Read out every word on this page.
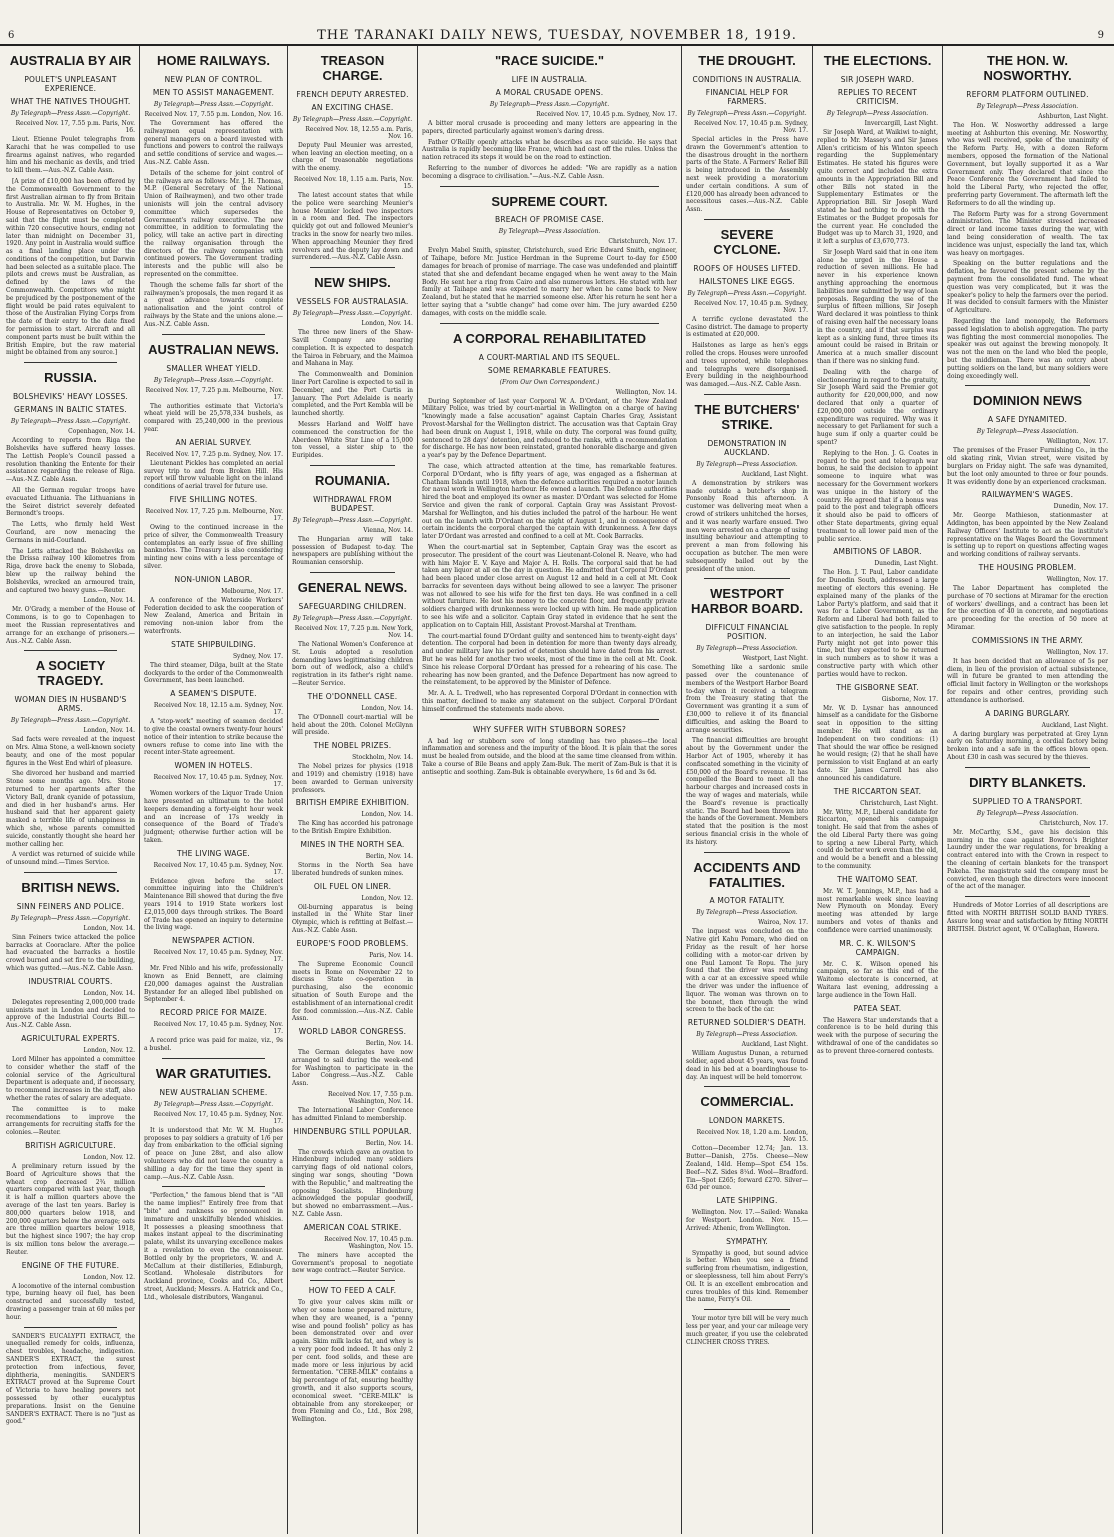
6	THE TARANAKI DAILY NEWS, TUESDAY, NOVEMBER 18, 1919.	9
AUSTRALIA BY AIR
POULET'S UNPLEASANT EXPERIENCE.
WHAT THE NATIVES THOUGHT.
By Telegraph—Press Assn.—Copyright.
Received Nov. 17, 7.55 p.m. Paris, Nov. 16.
Lieut. Etienne Poulet telegraphs from Karachi that he was compelled to use firearms against natives, who regarded him and his mechanic as devils, and tried to kill them.—Aus.-N.Z. Cable Assn.
[A prize of £10,000 has been offered by the Commonwealth Government to the first Australian airman to fly from Britain to Australia. Mr. W. M. Hughes, in the House of Representatives on October 9, said that the flight must be completed within 720 consecutive hours, ending not later than midnight on December 31, 1920. Any point in Australia would suffice as a final landing place under the conditions of the competition, but Darwin had been selected as a suitable place. The pilots and crews must be Australian, as defined by the laws of the Commonwealth. Competitors who might be prejudiced by the postponement of the flight would be paid rates equivalent to those of the Australian Flying Corps from the date of their entry to the date fixed for permission to start. Aircraft and all component parts must be built within the British Empire, but the raw material might be obtained from any source.]
RUSSIA.
BOLSHEVIKS' HEAVY LOSSES.
GERMANS IN BALTIC STATES.
By Telegraph—Press Assn.—Copyright.
Copenhagen, Nov. 14.
According to reports from Riga the Bolsheviks have suffered heavy losses. The Lettish People's Council passed a resolution thanking the Entente for their assistance regarding the release of Riga.—Aus.-N.Z. Cable Assn.
All the German regular troops have evacuated Lithuania. The Lithuanians in the Seiret district severely defeated Bermondt's troops.
The Letts, who firmly held West Courland, are now menacing the Germans in mid-Courland.
The Letts attacked the Bolsheviks on the Drissa railway 100 kilometres from Riga, drove back the enemy to Slobada, blew up the railway behind the Bolsheviks, wrecked an armoured train, and captured two heavy guns.—Reuter.
London, Nov. 14.
Mr. O'Grady, a member of the House of Commons, is to go to Copenhagen to meet the Russian representatives and arrange for an exchange of prisoners.—Aus.-N.Z. Cable Assn.
A SOCIETY TRAGEDY.
WOMAN DIES IN HUSBAND'S ARMS.
By Telegraph—Press Assn.—Copyright.
London, Nov. 14.
Sad facts were revealed at the inquest on Mrs. Alma Stone, a well-known society beauty, and one of the most popular figures in the West End whirl of pleasure.
She divorced her husband and married Stone some months ago. Mrs. Stone returned to her apartments after the Victory Ball, drank cyanide of potassium, and died in her husband's arms. Her husband said that her apparent gaiety masked a terrible life of unhappiness in which she, whose parents committed suicide, constantly thought she heard her mother calling her.
A verdict was returned of suicide while of unsound mind.—Times Service.
BRITISH NEWS.
SINN FEINERS AND POLICE.
By Telegraph—Press Assn.—Copyright.
London, Nov. 14.
Sinn Feiners twice attacked the police barracks at Cooraclare. After the police had evacuated the barracks a hostile crowd burned and set fire to the building, which was gutted.—Aus.-N.Z. Cable Assn.
INDUSTRIAL COURTS.
London, Nov. 14.
Delegates representing 2,000,000 trade unionists met in London and decided to approve of the Industrial Courts Bill.—Aus.-N.Z. Cable Assn.
AGRICULTURAL EXPERTS.
London, Nov. 12.
Lord Milner has appointed a committee to consider whether the staff of the colonial service of the Agricultural Department is adequate and, if necessary, to recommend increases in the staff, also whether the rates of salary are adequate.
The committee is to make recommendations to improve the arrangements for recruiting staffs for the colonies.—Reuter.
BRITISH AGRICULTURE.
London, Nov. 12.
A preliminary return issued by the Board of Agriculture shows that the wheat crop decreased 2¾ million quarters compared with last year, though it is half a million quarters above the average of the last ten years. Barley is 800,000 quarters below 1918, and 200,000 quarters below the average; oats are three million quarters below 1918, but the highest since 1907; the hay crop is six million tons below the average.—Reuter.
ENGINE OF THE FUTURE.
London, Nov. 12.
A locomotive of the internal combustion type, burning heavy oil fuel, has been constructed and successfully tested, drawing a passenger train at 60 miles per hour.
SANDER'S EUCALYPTI EXTRACT, the unequalled remedy for colds, influenza, chest troubles, headache, indigestion. SANDER'S EXTRACT, the surest protection from infectious, fever, diphtheria, meningitis. SANDER'S EXTRACT proved at the Supreme Court of Victoria to have healing powers not possessed by other eucalyptus preparations. Insist on the Genuine SANDER'S EXTRACT. There is no "just as good."
HOME RAILWAYS.
NEW PLAN OF CONTROL.
MEN TO ASSIST MANAGEMENT.
By Telegraph—Press Assn.—Copyright.
Received Nov. 17, 7.55 p.m. London, Nov. 16.
The Government has offered the railwaymen equal representation with general managers on a board invested with functions and powers to control the railways and settle conditions of service and wages.—Aus.-N.Z. Cable Assn.
Details of the scheme for joint control of the railways are as follows: Mr. J. H. Thomas, M.P. (General Secretary of the National Union of Railwaymen), and two other trade unionists will join the central advisory committee which supersedes the Government's railway executive. The new committee, in addition to formulating the policy, will take an active part in directing the railway organisation through the directors of the railway companies with continued powers. The Government trading interests and the public will also be represented on the committee.
Though the scheme falls far short of the railwaymen's proposals, the men regard it as a great advance towards complete nationalisation and the joint control of railways by the State and the unions alone.—Aus.-N.Z. Cable Assn.
AUSTRALIAN NEWS.
SMALLER WHEAT YIELD.
By Telegraph—Press Assn.—Copyright.
Received Nov. 17, 7.25 p.m. Melbourne, Nov. 17.
The authorities estimate that Victoria's wheat yield will be 25,578,334 bushels, as compared with 25,240,000 in the previous year.
AN AERIAL SURVEY.
Received Nov. 17, 7.25 p.m. Sydney, Nov. 17.
Lieutenant Pickles has completed an aerial survey trip to and from Broken Hill. His report will throw valuable light on the inland conditions of aerial travel for future use.
FIVE SHILLING NOTES.
Received Nov. 17, 7.25 p.m. Melbourne, Nov. 17.
Owing to the continued increase in the price of silver, the Commonwealth Treasury contemplates an early issue of five shilling banknotes. The Treasury is also considering minting new coins with a less percentage of silver.
NON-UNION LABOR.
Melbourne, Nov. 17.
A conference of the Waterside Workers' Federation decided to ask the cooperation of New Zealand, America and Britain in removing non-union labor from the waterfronts.
STATE SHIPBUILDING.
Sydney, Nov. 17.
The third steamer, Dilga, built at the State dockyards to the order of the Commonwealth Government, has been launched.
A SEAMEN'S DISPUTE.
Received Nov. 18, 12.15 a.m. Sydney, Nov. 17.
A "stop-work" meeting of seamen decided to give the coastal owners twenty-four hours' notice of their intention to strike because the owners refuse to come into line with the recent inter-State agreement.
WOMEN IN HOTELS.
Received Nov. 17, 10.45 p.m. Sydney, Nov. 17.
Women workers of the Liquor Trade Union have presented an ultimatum to the hotel keepers demanding a forty-eight hour week and an increase of 17s weekly in consequence of the Board of Trade's judgment; otherwise further action will be taken.
THE LIVING WAGE.
Received Nov. 17, 10.45 p.m. Sydney, Nov. 17.
Evidence given before the select committee inquiring into the Children's Maintenance Bill showed that during the five years 1914 to 1919 State workers lost £2,015,000 days through strikes. The Board of Trade has opened an inquiry to determine the living wage.
NEWSPAPER ACTION.
Received Nov. 17, 10.45 p.m. Sydney, Nov. 17.
Mr. Fred Niblo and his wife, professionally known as Enid Bennett, are claiming £20,000 damages against the Australian Bystander for an alleged libel published on September 4.
RECORD PRICE FOR MAIZE.
Received Nov. 17, 10.45 p.m. Sydney, Nov. 17.
A record price was paid for maize, viz., 9s a bushel.
WAR GRATUITIES.
NEW AUSTRALIAN SCHEME.
By Telegraph—Press Assn.—Copyright.
Received Nov. 17, 10.45 p.m. Sydney, Nov. 17.
It is understood that Mr. W. M. Hughes proposes to pay soldiers a gratuity of 1/6 per day from embarkation to the official signing of peace on June 28st, and also allow volunteers who did not leave the country a shilling a day for the time they spent in camp.—Aus.-N.Z. Cable Assn.
"Perfection," the famous blend that is "All the name implies!" Entirely free from that "bite" and rankness so pronounced in immature and unskilfully blended whiskies. It possesses a pleasing smoothness that makes instant appeal to the discriminating palate, whilst its unvarying excellence makes it a revelation to even the connoisseur. Bottled only by the proprietors, W. and A. McCallum at their distilleries, Edinburgh, Scotland. Wholesale distributors for Auckland province, Cooks and Co., Albert street, Auckland; Messrs. A. Hatrick and Co., Ltd., wholesale distributors, Wanganui.
TREASON CHARGE.
FRENCH DEPUTY ARRESTED.
AN EXCITING CHASE.
By Telegraph—Press Assn.—Copyright.
Received Nov. 18, 12.55 a.m. Paris, Nov. 16.
Deputy Paul Meunier was arrested, when leaving an election meeting, on a charge of treasonable negotiations with the enemy.
Received Nov. 18, 1.15 a.m. Paris, Nov. 15.
The latest account states that while the police were searching Meunier's house Meunier locked two inspectors in a room and fled. The inspectors quickly got out and followed Meunier's tracks in the snow for nearly two miles. When approaching Meunier they fired revolvers and the deputy lay down and surrendered.—Aus.-N.Z. Cable Assn.
NEW SHIPS.
VESSELS FOR AUSTRALASIA.
By Telegraph—Press Assn.—Copyright.
London, Nov. 14.
The three new liners of the Shaw-Savill Company are nearing completion. It is expected to despatch the Tairoa in February, and the Maimoa and Mahana in May.
The Commonwealth and Dominion liner Port Caroline is expected to sail in December, and the Port Curtis in January. The Port Adelaide is nearly completed, and the Port Kembla will be launched shortly.
Messrs Harland and Wolff have commenced the construction for the Aberdeen White Star Line of a 15,000 ton vessel, a sister ship to the Euripides.
ROUMANIA.
WITHDRAWAL FROM BUDAPEST.
By Telegraph—Press Assn.—Copyright.
Vienna, Nov. 14.
The Hungarian army will take possession of Budapest to-day. The newspapers are publishing without the Roumanian censorship.
GENERAL NEWS.
SAFEGUARDING CHILDREN.
By Telegraph—Press Assn.—Copyright.
Received Nov. 17, 7.25 p.m. New York, Nov. 14.
The National Women's Conference at St. Louis adopted a resolution demanding laws legitimatising children born out of wedlock, also a child's registration in its father's right name.—Reuter Service.
THE O'DONNELL CASE.
London, Nov. 14.
The O'Donnell court-martial will be held about the 20th. Colonel McGlynn will preside.
THE NOBEL PRIZES.
Stockholm, Nov. 14.
The Nobel prizes for physics (1918 and 1919) and chemistry (1918) have been awarded to German university professors.
BRITISH EMPIRE EXHIBITION.
London, Nov. 14.
The King has accorded his patronage to the British Empire Exhibition.
MINES IN THE NORTH SEA.
Berlin, Nov. 14.
Storms in the North Sea have liberated hundreds of sunken mines.
OIL FUEL ON LINER.
London, Nov. 12.
Oil-burning apparatus is being installed in the White Star liner Olympic, which is refitting at Belfast.—Aus.-N.Z. Cable Assn.
EUROPE'S FOOD PROBLEMS.
Paris, Nov. 14.
The Supreme Economic Council meets in Rome on November 22 to discuss State co-operation in purchasing, also the economic situation of South Europe and the establishment of an international credit for food commission.—Aus.-N.Z. Cable Assn.
WORLD LABOR CONGRESS.
Berlin, Nov. 14.
The German delegates have now arranged to sail during the week-end for Washington to participate in the Labor Congress.—Aus.-N.Z. Cable Assn.
Received Nov. 17, 7.55 p.m. Washington, Nov. 14.
The International Labor Conference has admitted Finland to membership.
HINDENBURG STILL POPULAR.
Berlin, Nov. 14.
The crowds which gave an ovation to Hindenburg included many soldiers carrying flags of old national colors, singing war songs, shouting "Down with the Republic," and maltreating the opposing Socialists. Hindenburg acknowledged the popular goodwill, but showed no embarrassment.—Aus.-N.Z. Cable Assn.
AMERICAN COAL STRIKE.
Received Nov. 17, 10.45 p.m. Washington, Nov. 15.
The miners have accepted the Government's proposal to negotiate new wage contract.—Reuter Service.
HOW TO FEED A CALF.
To give your calves skim milk or whey or some home prepared mixture, when they are weaned, is a "penny wise and pound foolish" policy as has been demonstrated over and over again. Skim milk lacks fat, and whey is a very poor food indeed. It has only 2 per cent. food solids, and these are made more or less injurious by acid fermentation. "CERE-MILK" contains a big percentage of fat, ensuring healthy growth, and it also supports scours, economical sweet. "CERE-MILK" is obtainable from any storekeeper, or from Fleming and Co., Ltd., Box 298, Wellington.
"RACE SUICIDE."
LIFE IN AUSTRALIA.
A MORAL CRUSADE OPENS.
By Telegraph—Press Assn.—Copyright.
Received Nov. 17, 10.45 p.m. Sydney, Nov. 17.
A bitter moral crusade is proceeding and many letters are appearing in the papers, directed particularly against women's daring dress.
Father O'Reilly openly attacks what he describes as race suicide. He says that Australia is rapidly becoming like France, which had cast off the rules. Unless the nation retraced its steps it would be on the road to extinction.
Referring to the number of divorces he added: "We are rapidly as a nation becoming a disgrace to civilisation."—Aus.-N.Z. Cable Assn.
SUPREME COURT.
BREACH OF PROMISE CASE.
By Telegraph—Press Association.
Christchurch, Nov. 17.
Evelyn Mabel Smith, spinster, Christchurch, sued Eric Edward Smith, engineer, of Taihape, before Mr. Justice Herdman in the Supreme Court to-day for £500 damages for breach of promise of marriage. The case was undefended and plaintiff stated that she and defendant became engaged when he went away to the Main Body. He sent her a ring from Cairo and also numerous letters. He stated with her family at Taihape and was expected to marry her when he came back to New Zealand, but he stated that he married someone else. After his return he sent her a letter saying that a "subtle change" had come over him. The jury awarded £250 damages, with costs on the middle scale.
A CORPORAL REHABILITATED
A COURT-MARTIAL AND ITS SEQUEL.
SOME REMARKABLE FEATURES.
(From Our Own Correspondent.)
Wellington, Nov. 14.
During September of last year Corporal W. A. D'Ordant, of the New Zealand Military Police, was tried by court-martial in Wellington on a charge of having "knowingly made a false accusation" against Captain Charles Gray, Assistant Provost-Marshal for the Wellington district. The accusation was that Captain Gray had been drunk on August 1, 1918, while on duty. The corporal was found guilty, sentenced to 28 days' detention, and reduced to the ranks, with a recommendation for discharge. He has now been reinstated, granted honorable discharge and given a year's pay by the Defence Department.
The case, which attracted attention at the time, has remarkable features. Corporal D'Ordant, who is fifty years of age, was engaged as a fisherman at Chatham Islands until 1918, when the defence authorities required a motor launch for naval work in Wellington harbour. He owned a launch. The Defence authorities hired the boat and employed its owner as master. D'Ordant was selected for Home Service and given the rank of corporal. Captain Gray was Assistant Provost-Marshal for Wellington, and his duties included the patrol of the harbour. He went out on the launch with D'Ordant on the night of August 1, and in consequence of certain incidents the corporal charged the captain with drunkenness. A few days later D'Ordant was arrested and confined to a cell at Mt. Cook Barracks.
When the court-martial sat in September, Captain Gray was the escort as prosecutor. The president of the court was Lieutenant-Colonel R. Neave, who had with him Major E. V. Kaye and Major A. H. Rolls. The corporal said that he had taken any liquor at all on the day in question. He admitted that Corporal D'Ordant had been placed under close arrest on August 12 and held in a cell at Mt. Cook barracks for seventeen days without being allowed to see a lawyer. The prisoner was not allowed to see his wife for the first ten days. He was confined in a cell without furniture. He lost his money to the concrete floor, and frequently private soldiers charged with drunkenness were locked up with him. He made application to see his wife and a solicitor. Captain Gray stated in evidence that he sent the application on to Captain Hill, Assistant Provost-Marshal at Trentham.
The court-martial found D'Ordant guilty and sentenced him to twenty-eight days' detention. The corporal had been in detention for more than twenty days already, and under military law his period of detention should have dated from his arrest. But he was held for another two weeks, most of the time in the cell at Mt. Cook. Since his release Corporal D'Ordant has pressed for a rehearing of his case. The rehearing has now been granted, and the Defence Department has now agreed to the reinstatement, to be approved by the Minister of Defence.
Mr. A. A. L. Tredwell, who has represented Corporal D'Ordant in connection with this matter, declined to make any statement on the subject. Corporal D'Ordant himself confirmed the statements made above.
WHY SUFFER WITH STUBBORN SORES?
A bad leg or stubborn sore of long standing has two phases—the local inflammation and soreness and the impurity of the blood. It is plain that the sores must be healed from outside, and the blood at the same time cleansed from within. Take a course of Bile Beans and apply Zam-Buk. The merit of Zam-Buk is that it is antiseptic and soothing. Zam-Buk is obtainable everywhere, 1s 6d and 3s 6d.
THE DROUGHT.
CONDITIONS IN AUSTRALIA.
FINANCIAL HELP FOR FARMERS.
By Telegraph—Press Assn.—Copyright.
Received Nov. 17, 10.45 p.m. Sydney, Nov. 17.
Special articles in the Press have drawn the Government's attention to the disastrous drought in the northern parts of the State. A Farmers' Relief Bill is being introduced in the Assembly next week providing a moratorium under certain conditions. A sum of £120,000 has already been advanced to necessitous cases.—Aus.-N.Z. Cable Assn.
SEVERE CYCLONE.
ROOFS OF HOUSES LIFTED.
HAILSTONES LIKE EGGS.
By Telegraph—Press Assn.—Copyright.
Received Nov. 17, 10.45 p.m. Sydney, Nov. 17.
A terrific cyclone devastated the Casino district. The damage to property is estimated at £20,000.
Hailstones as large as hen's eggs rolled the crops. Houses were unroofed and trees uprooted, while telephones and telegraphs were disorganised. Every building in the neighbourhood was damaged.—Aus.-N.Z. Cable Assn.
THE BUTCHERS' STRIKE.
DEMONSTRATION IN AUCKLAND.
By Telegraph—Press Association.
Auckland, Last Night.
A demonstration by strikers was made outside a butcher's shop in Ponsonby Road this afternoon. A customer was delivering meat when a crowd of strikers unhitched the horses, and it was nearly warfare ensued. Two men were arrested on a charge of using insulting behaviour and attempting to prevent a man from following his occupation as butcher. The men were subsequently bailed out by the president of the union.
WESTPORT HARBOR BOARD.
DIFFICULT FINANCIAL POSITION.
By Telegraph—Press Association.
Westport, Last Night.
Something like a sardonic smile passed over the countenance of members of the Westport Harbor Board to-day when it received a telegram from the Treasury stating that the Government was granting it a sum of £30,000 to relieve it of its financial difficulties, and asking the Board to arrange securities.
The financial difficulties are brought about by the Government under the Harbor Act of 1905, whereby it has confiscated something in the vicinity of £50,000 of the Board's revenue. It has compelled the Board to meet all the harbour charges and increased costs in the way of wages and materials, while the Board's revenue is practically static. The Board had been thrown into the hands of the Government. Members stated that the position is the most serious financial crisis in the whole of its history.
ACCIDENTS AND FATALITIES.
A MOTOR FATALITY.
By Telegraph—Press Association.
Wairoa, Nov. 17.
The inquest was concluded on the Native girl Kahu Pomare, who died on Friday as the result of her horse colliding with a motor-car driven by one Paul Lamont Te Ropu. The jury found that the driver was returning with a car at an excessive speed while the driver was under the influence of liquor. The woman was thrown on to the bonnet, then through the wind screen to the back of the car.
RETURNED SOLDIER'S DEATH.
By Telegraph—Press Association.
Auckland, Last Night.
William Augustus Dunan, a returned soldier, aged about 45 years, was found dead in his bed at a boardinghouse to-day. An inquest will be held tomorrow.
COMMERCIAL.
LONDON MARKETS.
Received Nov. 18, 1.20 a.m. London, Nov. 15.
Cotton—December 12.74; Jan. 13. Butter—Danish, 275s. Cheese—New Zealand, 14ld. Hemp—Spot £54 15s. Beef—N.Z. Sides 8¼d. Wool—Bradford. Tin—Spot £265; forward £270. Silver—63d per ounce.
LATE SHIPPING.
Wellington. Nov. 17.—Sailed: Wanaka for Westport. London. Nov. 15.—Arrived: Athenic, from Wellington.
SYMPATHY.
Sympathy is good, but sound advice is better. When you see a friend suffering from rheumatism, indigestion, or sleeplessness, tell him about Ferry's Oil. It is an excellent embrocation and cures troubles of this kind. Remember the name, Ferry's Oil.
Your motor tyre bill will be very much less per year, and your car mileage very much greater, if you use the celebrated CLINCHER CROSS TYRES.
THE ELECTIONS.
SIR JOSEPH WARD.
REPLIES TO RECENT CRITICISM.
By Telegraph—Press Association.
Invercargill, Last Night.
Sir Joseph Ward, at Waikiwi to-night, replied to Mr. Massey's and Sir James Allen's criticism of his Winton speech regarding the Supplementary Estimates. He stated his figures were quite correct and included the extra amounts in the Appropriation Bill and other Bills not stated in the Supplementary Estimates or the Appropriation Bill. Sir Joseph Ward stated he had nothing to do with the Estimates or the Budget proposals for the current year. He concluded the Budget was up to March 31, 1920, and it left a surplus of £3,670,773.
Sir Joseph Ward said that in one item alone he urged in the House a reduction of seven millions. He had never in his experience known anything approaching the enormous liabilities now submitted by way of loan proposals. Regarding the use of the surplus of fifteen millions, Sir Joseph Ward declared it was pointless to think of raising even half the necessary loans in the country, and if that surplus was kept as a sinking fund, three times its amount could be raised in Britain or America at a much smaller discount than if there was no sinking fund.
Dealing with the charge of electioneering in regard to the gratuity, Sir Joseph Ward said the Premier got authority for £20,000,000, and now declared that only a quarter of £20,000,000 outside the ordinary expenditure was required. Why was it necessary to get Parliament for such a huge sum if only a quarter could be spent?
Replying to the Hon. J. G. Coates in regard to the post and telegraph war bonus, he said the decision to appoint someone to inquire what was necessary for the Government workers was unique in the history of the country. He agreed that if a bonus was paid to the post and telegraph officers it should also be paid to officers of other State departments, giving equal treatment to all lower paid men of the public service.
AMBITIONS OF LABOR.
Dunedin, Last Night.
The Hon. J. T. Paul, Labor candidate for Dunedin South, addressed a large meeting of electors this evening. He explained many of the planks of the Labor Party's platform, and said that it was for a Labor Government, as the Reform and Liberal had both failed to give satisfaction to the people. In reply to an interjection, he said the Labor Party might not get into power this time, but they expected to be returned in such numbers as to show it was a constructive party with which other parties would have to reckon.
THE GISBORNE SEAT.
Gisborne, Nov. 17.
Mr. W. D. Lysnar has announced himself as a candidate for the Gisborne seat in opposition to the sitting member. He will stand as an Independent on two conditions: (1) That should the war office be resigned he would resign; (2) that he shall have permission to visit England at an early date. Sir James Carroll has also announced his candidature.
THE RICCARTON SEAT.
Christchurch, Last Night.
Mr. Witty, M.P., Liberal candidate for Riccarton, opened his campaign tonight. He said that from the ashes of the old Liberal Party there was going to spring a new Liberal Party, which could do better work even than the old, and would be a benefit and a blessing to the community.
THE WAITOMO SEAT.
Mr. W. T. Jennings, M.P., has had a most remarkable week since leaving New Plymouth on Monday. Every meeting was attended by large numbers and votes of thanks and confidence were carried unanimously.
MR. C. K. WILSON'S CAMPAIGN.
Mr. C. K. Wilson opened his campaign, so far as this end of the Waitomo electorate is concerned, at Waitara last evening, addressing a large audience in the Town Hall.
PATEA SEAT.
The Hawera Star understands that a conference is to be held during this week with the purpose of securing the withdrawal of one of the candidates so as to prevent three-cornered contests.
THE HON. W. NOSWORTHY.
REFORM PLATFORM OUTLINED.
By Telegraph—Press Association.
Ashburton, Last Night.
The Hon. W. Nosworthy addressed a large meeting at Ashburton this evening. Mr. Nosworthy, who was well received, spoke of the unanimity of the Reform Party. He, with a dozen Reform members, opposed the formation of the National Government, but loyally supported it as a War Government only. They declared that since the Peace Conference the Government had failed to hold the Liberal Party, who rejected the offer, preferring party Government. The aftermath left the Reformers to do all the winding up.
The Reform Party was for a strong Government administration. The Minister stressed increased direct or land income taxes during the war, with land being consideration of wealth. The tax incidence was unjust, especially the land tax, which was heavy on mortgages.
Speaking on the butter regulations and the deflation, he favoured the present scheme by the payment from the consolidated fund. The wheat question was very complicated, but it was the speaker's policy to help the farmers over the period. It was decided to consult farmers with the Minister of Agriculture.
Regarding the land monopoly, the Reformers passed legislation to abolish aggregation. The party was fighting the most commercial monopolies. The speaker was out against the brewing monopoly. It was not the men on the land who bled the people, but the middleman. There was an outcry about putting soldiers on the land, but many soldiers were doing exceedingly well.
DOMINION NEWS
A SAFE DYNAMITED.
By Telegraph—Press Association.
Wellington, Nov. 17.
The premises of the Fraser Furnishing Co., in the old skating rink, Vivian street, were visited by burglars on Friday night. The safe was dynamited, but the loot only amounted to three or four pounds. It was evidently done by an experienced cracksman.
RAILWAYMEN'S WAGES.
Dunedin, Nov. 17.
Mr. George Mathieson, stationmaster at Addington, has been appointed by the New Zealand Railway Officers' Institute to act as the institute's representative on the Wages Board the Government is setting up to report on questions affecting wages and working conditions of railway servants.
THE HOUSING PROBLEM.
Wellington, Nov. 17.
The Labor Department has completed the purchase of 70 sections at Miramar for the erection of workers' dwellings, and a contract has been let for the erection of 40 in concrete, and negotiations are proceeding for the erection of 50 more at Miramar.
COMMISSIONS IN THE ARMY.
Wellington, Nov. 17.
It has been decided that an allowance of 5s per diem, in lieu of the provision of actual subsistence, will in future be granted to men attending the official limit factory in Wellington or the workshops for repairs and other centres, providing such attendance is authorised.
A DARING BURGLARY.
Auckland, Last Night.
A daring burglary was perpetrated at Grey Lynn early on Saturday morning, a cordial factory being broken into and a safe in the offices blown open. About £30 in cash was secured by the thieves.
DIRTY BLANKETS.
SUPPLIED TO A TRANSPORT.
By Telegraph—Press Association.
Christchurch, Nov. 17.
Mr. McCarthy, S.M., gave his decision this morning in the case against Bowron's Brighter Laundry under the war regulations, for breaking a contract entered into with the Crown in respect to the cleaning of certain blankets for the transport Pakeha. The magistrate said the company must be convicted, even though the directors were innocent of the act of the manager.
Hundreds of Motor Lorries of all descriptions are fitted with NORTH BRITISH SOLID BAND TYRES. Assure long wear and satisfaction by fitting NORTH BRITISH. District agent, W. O'Callaghan, Hawera.
